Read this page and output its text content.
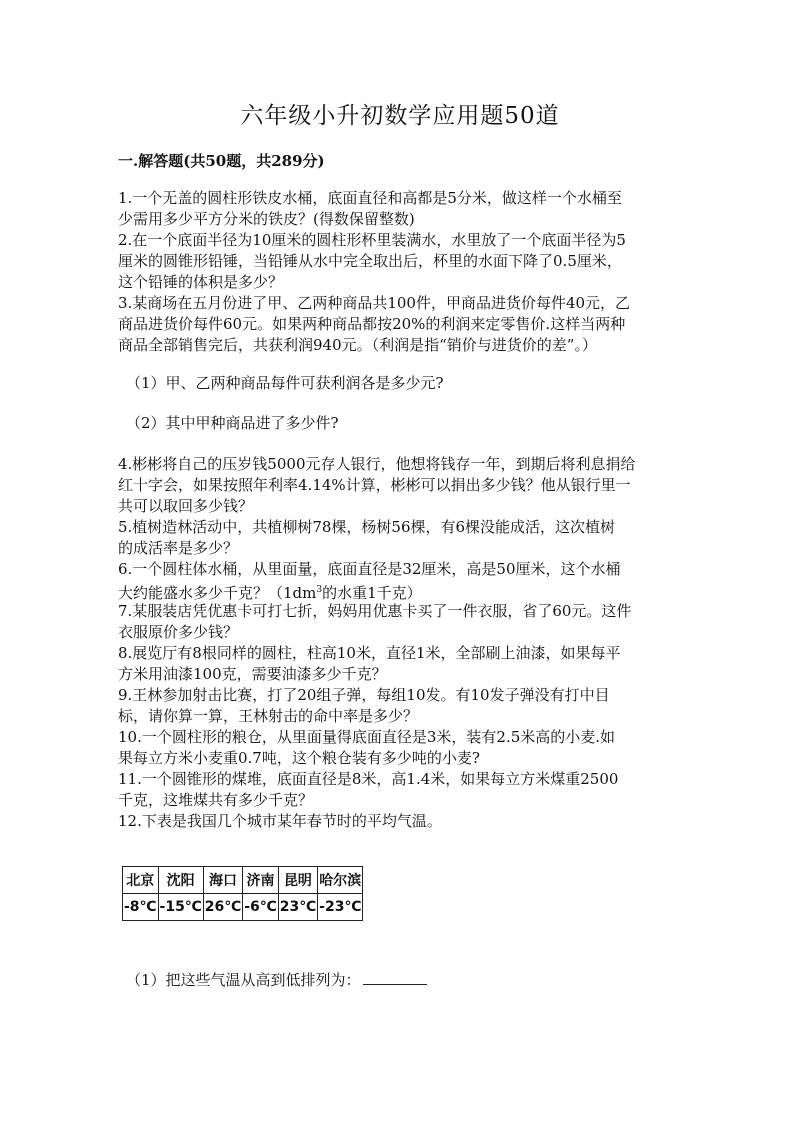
六年级小升初数学应用题50道
一.解答题(共50题，共289分)
1.一个无盖的圆柱形铁皮水桶，底面直径和高都是5分米，做这样一个水桶至
少需用多少平方分米的铁皮？(得数保留整数)
2.在一个底面半径为10厘米的圆柱形杯里装满水，水里放了一个底面半径为5
厘米的圆锥形铅锤，当铅锤从水中完全取出后，杯里的水面下降了0.5厘米，
这个铅锤的体积是多少？
3.某商场在五月份进了甲、乙两种商品共100件，甲商品进货价每件40元，乙
商品进货价每件60元。如果两种商品都按20%的利润来定零售价.这样当两种
商品全部销售完后，共获利润940元。（利润是指“销价与进货价的差”。）
（1）甲、乙两种商品每件可获利润各是多少元?
（2）其中甲种商品进了多少件?
4.彬彬将自己的压岁钱5000元存人银行，他想将钱存一年，到期后将利息捐给
红十字会，如果按照年利率4.14%计算，彬彬可以捐出多少钱？他从银行里一
共可以取回多少钱？
5.植树造林活动中，共植柳树78棵，杨树56棵，有6棵没能成活，这次植树
的成活率是多少？
6.一个圆柱体水桶，从里面量，底面直径是32厘米，高是50厘米，这个水桶
大约能盛水多少千克？（$1dm^3$的水重1千克）
7.某服装店凭优惠卡可打七折，妈妈用优惠卡买了一件衣服，省了60元。这件
衣服原价多少钱？
8.展览厅有8根同样的圆柱，柱高10米，直径1米，全部刷上油漆，如果每平
方米用油漆100克，需要油漆多少千克？
9.王林参加射击比赛，打了20组子弹，每组10发。有10发子弹没有打中目
标，请你算一算，王林射击的命中率是多少？
10.一个圆柱形的粮仓，从里面量得底面直径是3米，装有2.5米高的小麦.如
果每立方米小麦重0.7吨，这个粮仓装有多少吨的小麦?
11.一个圆锥形的煤堆，底面直径是8米，高1.4米，如果每立方米煤重2500
千克，这堆煤共有多少千克？
12.下表是我国几个城市某年春节时的平均气温。
（1）把这些气温从高到低排列为：
北京	沈阳	海口	济南	昆明	哈尔滨
-8℃	-15℃	26℃	-6℃	23℃	-23℃
